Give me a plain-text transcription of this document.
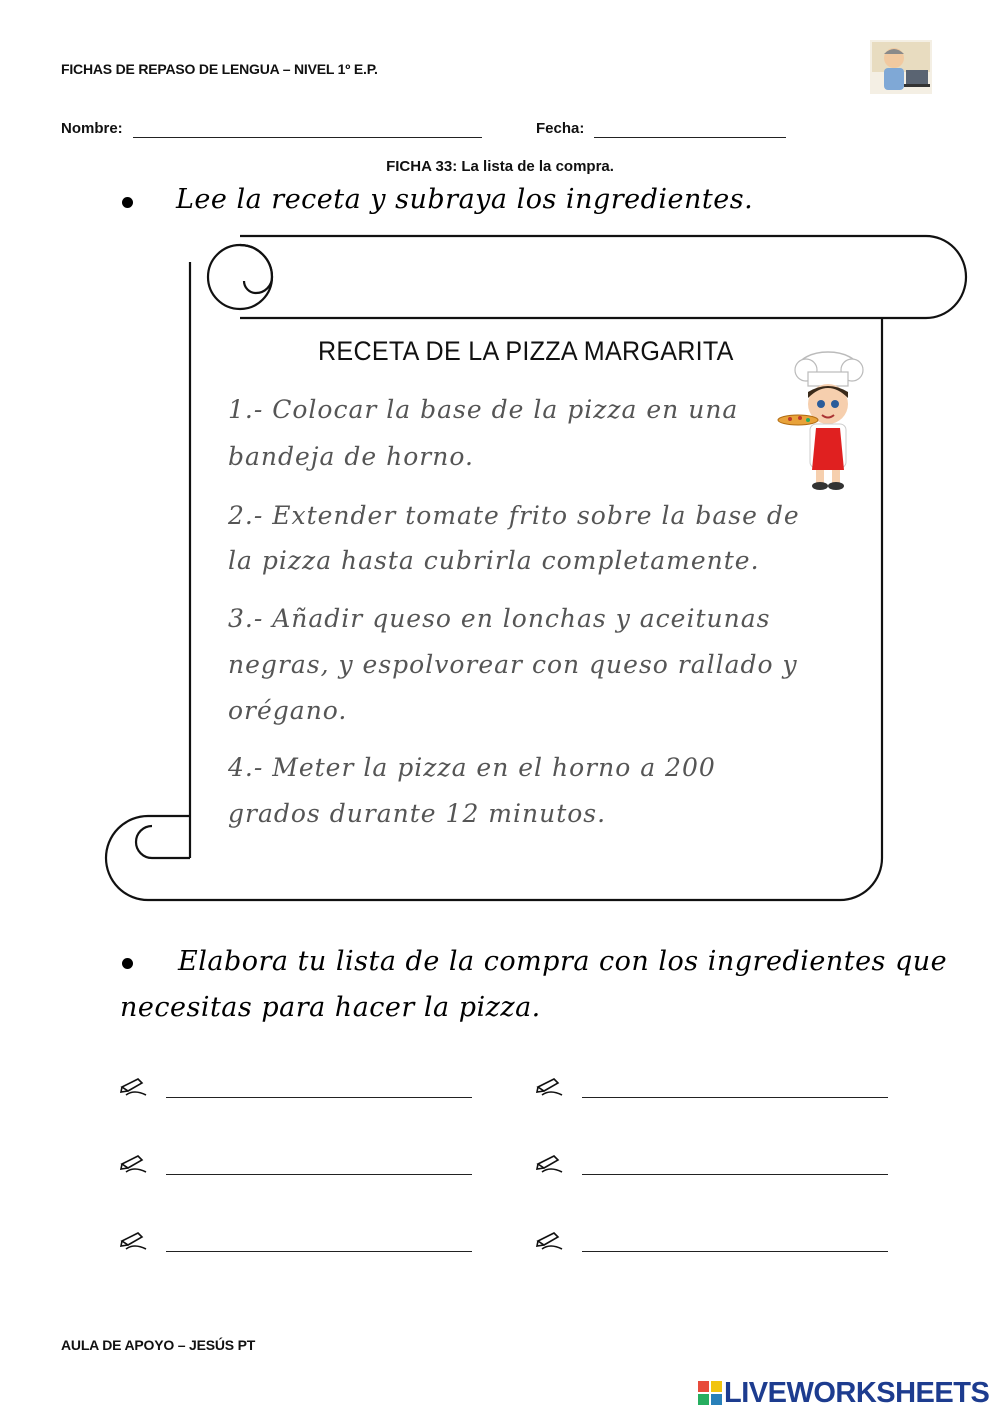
FICHAS DE REPASO DE LENGUA – NIVEL 1º E.P.
Nombre:	Fecha:
FICHA 33: La lista de la compra.
Lee la receta y subraya los ingredientes.
RECETA DE LA PIZZA MARGARITA
1.- Colocar la base de la pizza en una
bandeja de horno.
2.- Extender tomate frito sobre la base de
la pizza hasta cubrirla completamente.
3.- Añadir queso en lonchas y aceitunas
negras, y espolvorear con queso rallado y
orégano.
4.- Meter la pizza en el horno a 200
grados durante 12 minutos.
Elabora tu lista de la compra con los ingredientes que
necesitas para hacer la pizza.
AULA DE APOYO – JESÚS PT
LIVEWORKSHEETS
